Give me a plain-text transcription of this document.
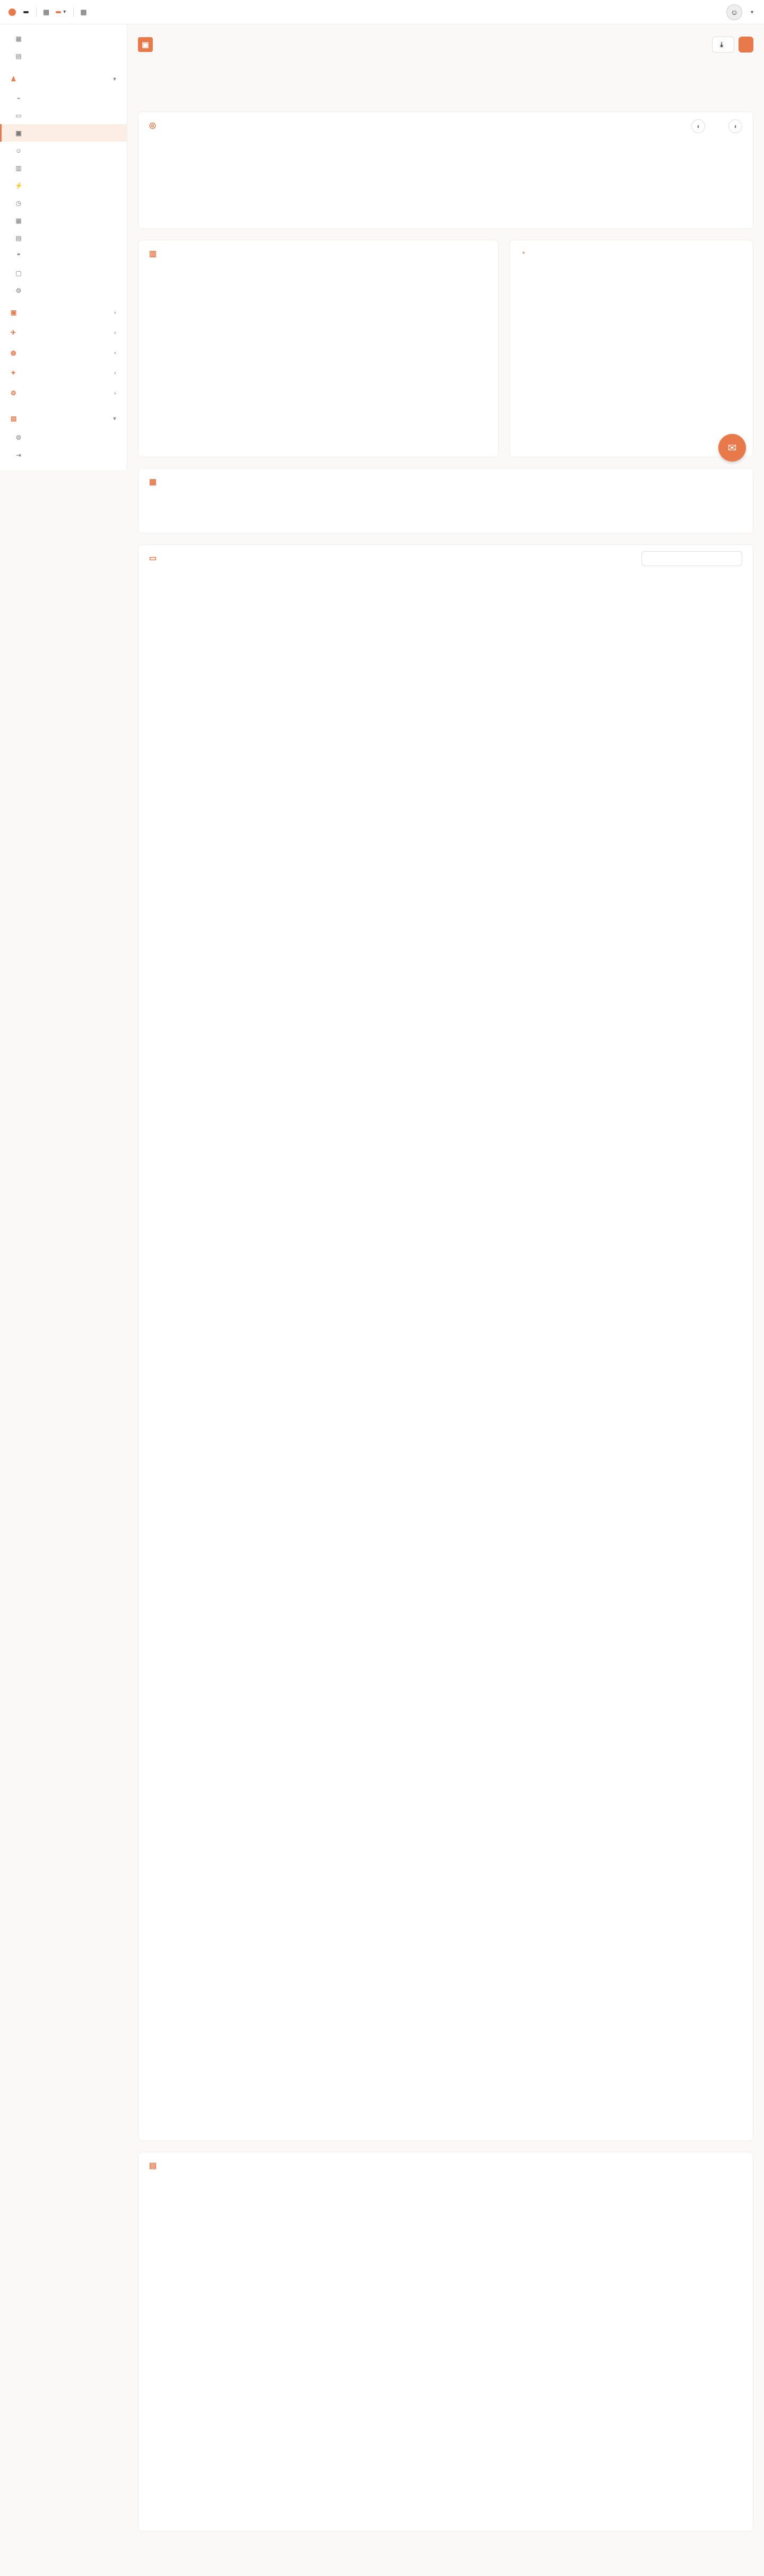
▦	▾ ▦	☺	▾
▦
▤
♟	▾
⌁
▭
▣
☺
▥
⚡
◷
▦
▤
❝
▢
⚙
▣	›
✈	›
◍	›
✦	›
⚙	›
▤	▾
⚙
⇥
▣	⤓
◎	‹	›
▥	◔
▦
▭
▤
✉
